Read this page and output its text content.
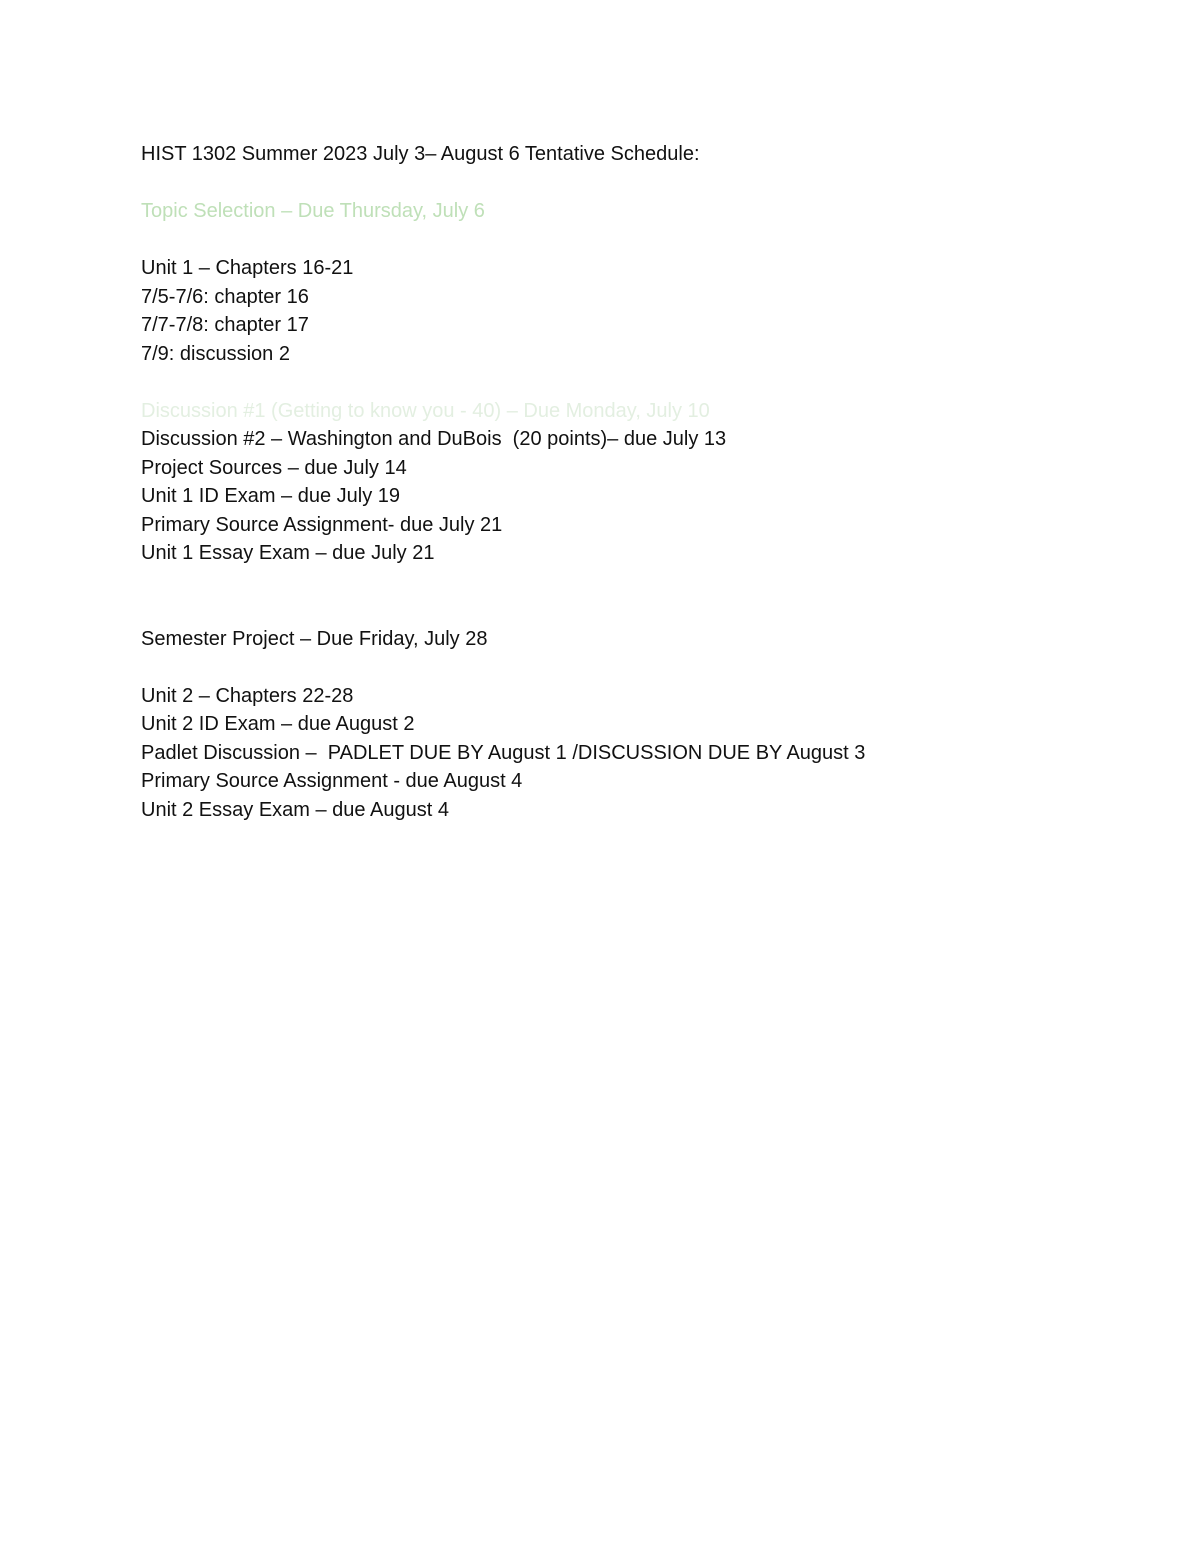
HIST 1302 Summer 2023 July 3– August 6 Tentative Schedule:
Topic Selection – Due Thursday, July 6
Unit 1 – Chapters 16-21
7/5-7/6: chapter 16
7/7-7/8: chapter 17
7/9: discussion 2
Discussion #1 (Getting to know you - 40) – Due Monday, July 10
Discussion #2 – Washington and DuBois  (20 points)– due July 13
Project Sources – due July 14
Unit 1 ID Exam – due July 19
Primary Source Assignment- due July 21
Unit 1 Essay Exam – due July 21
Semester Project – Due Friday, July 28
Unit 2 – Chapters 22-28
Unit 2 ID Exam – due August 2
Padlet Discussion –  PADLET DUE BY August 1 /DISCUSSION DUE BY August 3
Primary Source Assignment - due August 4
Unit 2 Essay Exam – due August 4
